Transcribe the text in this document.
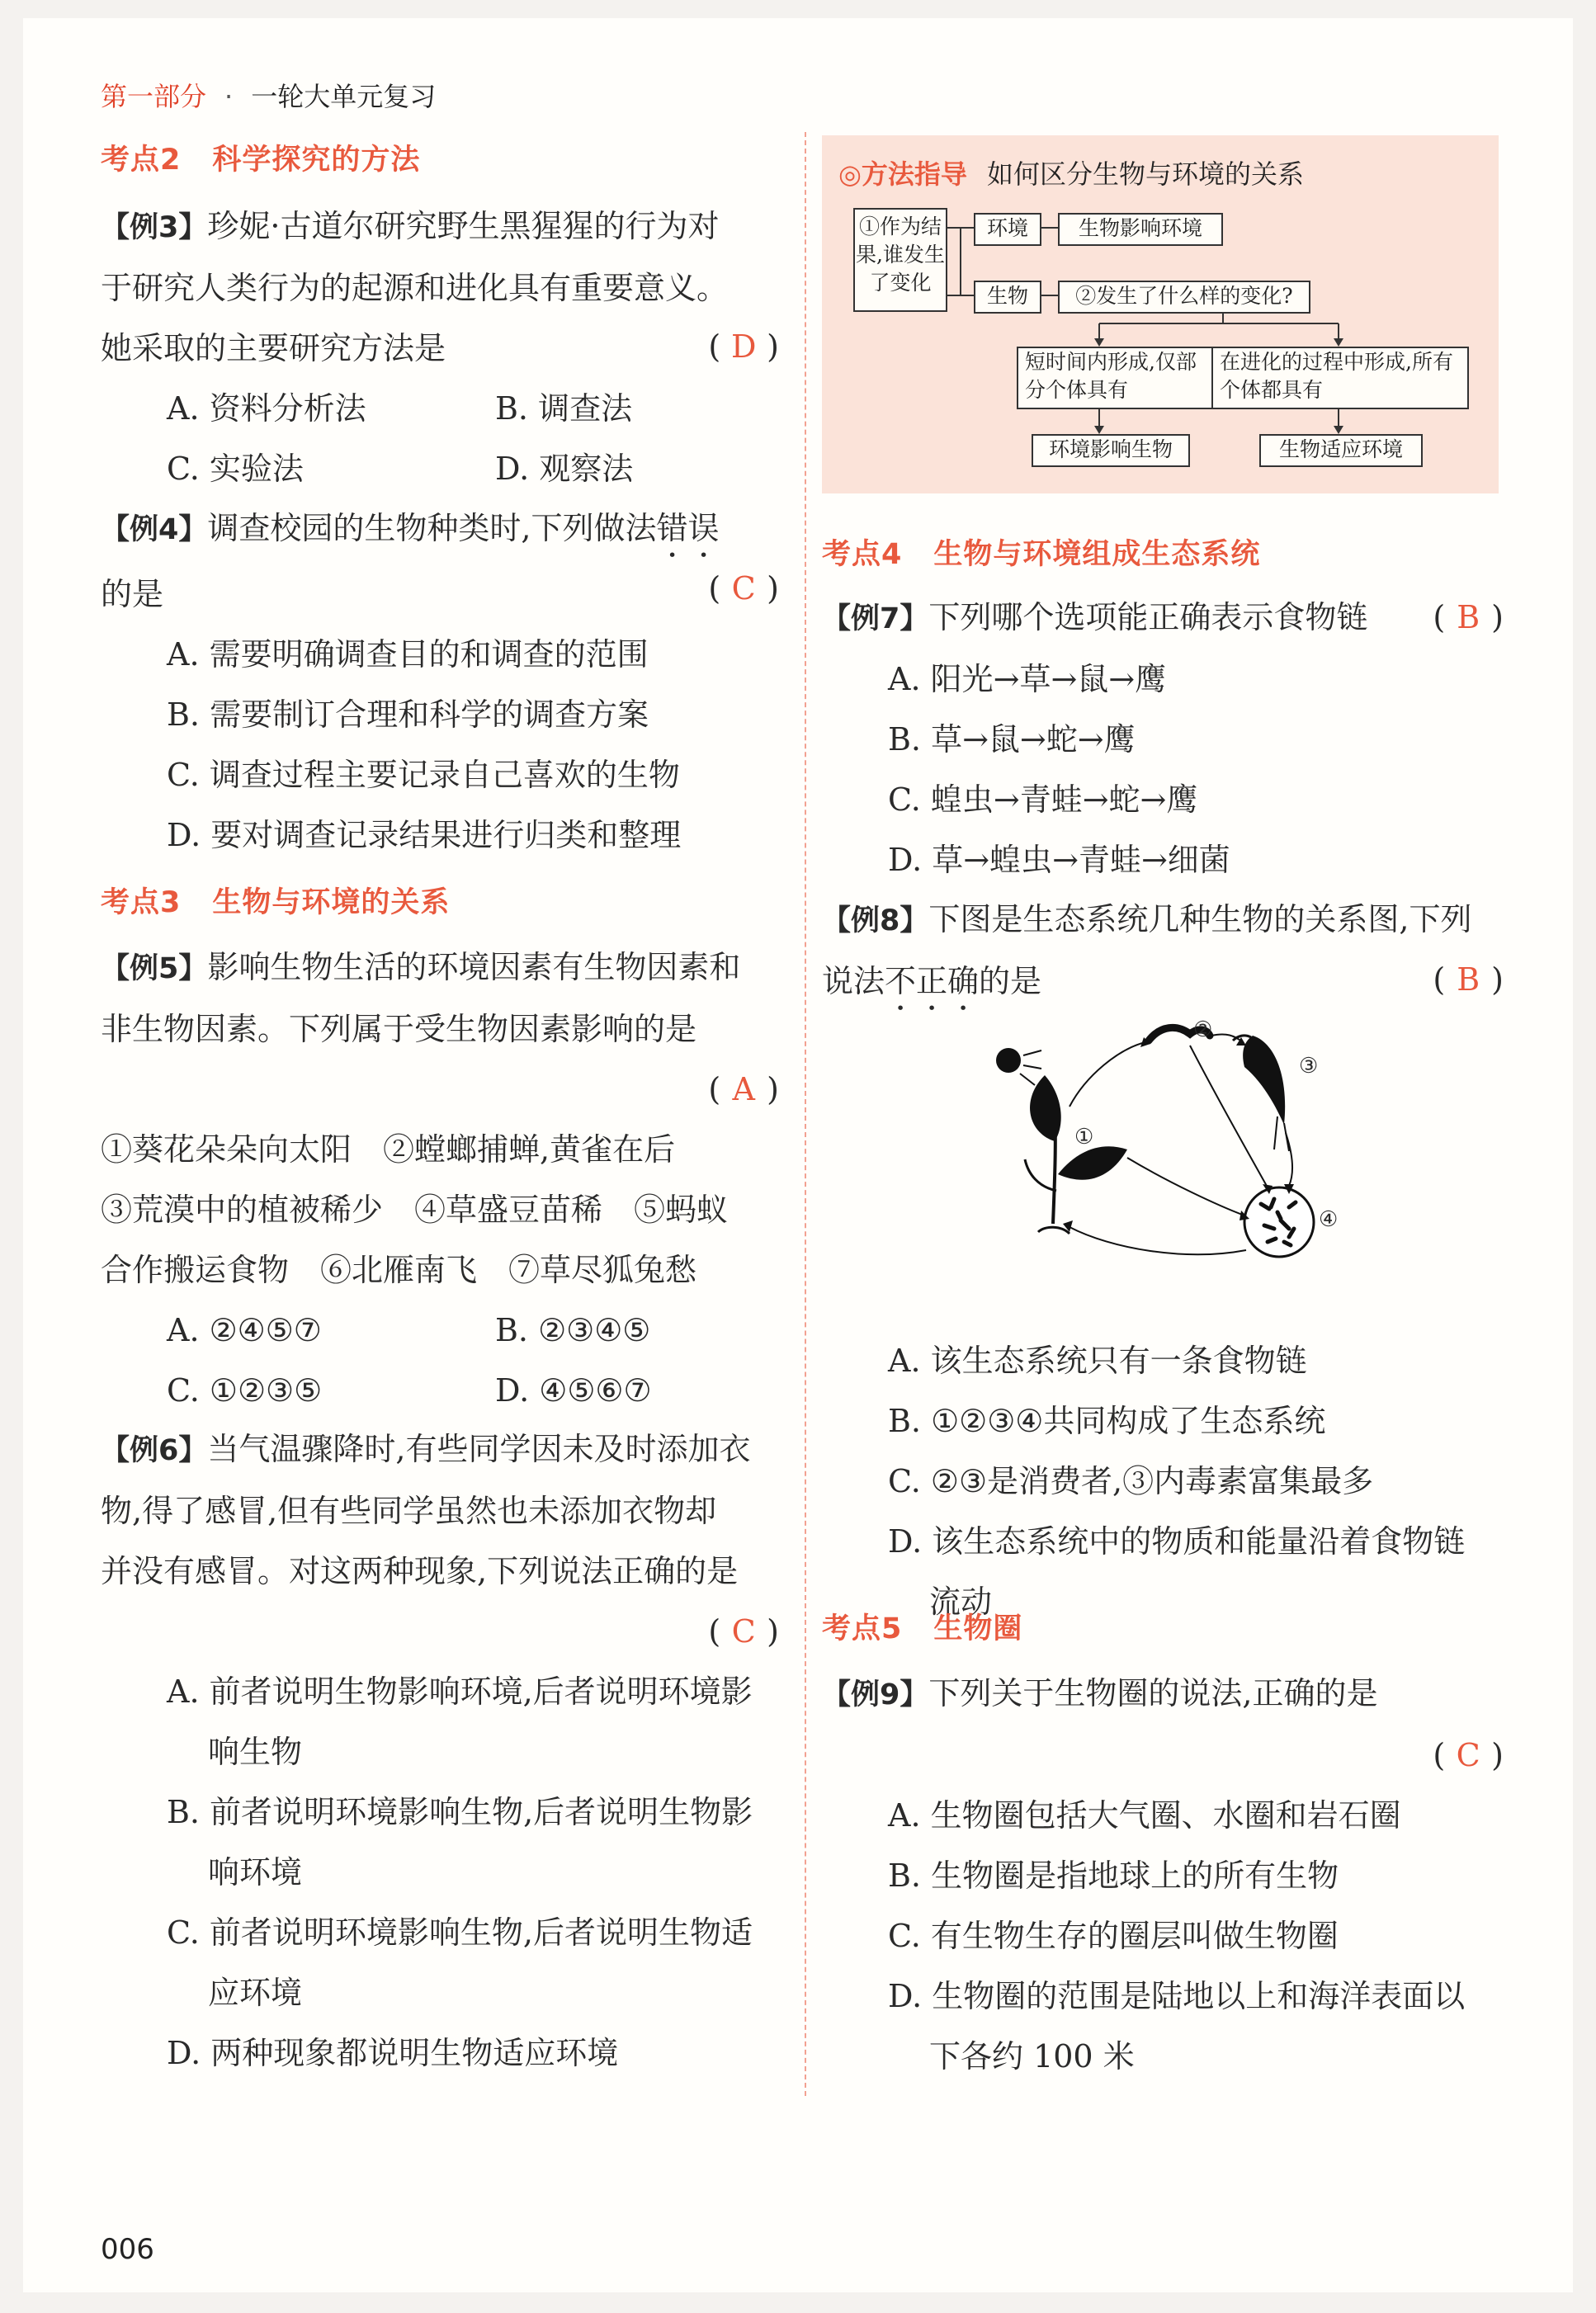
第一部分 · 一轮大单元复习
考点2 科学探究的方法
【例3】珍妮·古道尔研究野生黑猩猩的行为对
于研究人类行为的起源和进化具有重要意义。
她采取的主要研究方法是	( D )
A. 资料分析法	B. 调查法
C. 实验法	D. 观察法
【例4】调查校园的生物种类时,下列做法错误
的是	( C )
A. 需要明确调查目的和调查的范围
B. 需要制订合理和科学的调查方案
C. 调查过程主要记录自己喜欢的生物
D. 要对调查记录结果进行归类和整理
考点3 生物与环境的关系
【例5】影响生物生活的环境因素有生物因素和
非生物因素。下列属于受生物因素影响的是
( A )
①葵花朵朵向太阳　②螳螂捕蝉,黄雀在后
③荒漠中的植被稀少　④草盛豆苗稀　⑤蚂蚁
合作搬运食物　⑥北雁南飞　⑦草尽狐兔愁
A. ②④⑤⑦	B. ②③④⑤
C. ①②③⑤	D. ④⑤⑥⑦
【例6】当气温骤降时,有些同学因未及时添加衣
物,得了感冒,但有些同学虽然也未添加衣物却
并没有感冒。对这两种现象,下列说法正确的是
( C )
A. 前者说明生物影响环境,后者说明环境影
响生物
B. 前者说明环境影响生物,后者说明生物影
响环境
C. 前者说明环境影响生物,后者说明生物适
应环境
D. 两种现象都说明生物适应环境
◎方法指导 如何区分生物与环境的关系
①作为结果,谁发生了变化
环境	生物影响环境
生物	②发生了什么样的变化?
短时间内形成,仅部分个体具有
在进化的过程中形成,所有个体都具有
环境影响生物	生物适应环境
考点4 生物与环境组成生态系统
【例7】下列哪个选项能正确表示食物链	( B )
A. 阳光→草→鼠→鹰
B. 草→鼠→蛇→鹰
C. 蝗虫→青蛙→蛇→鹰
D. 草→蝗虫→青蛙→细菌
【例8】下图是生态系统几种生物的关系图,下列
说法不正确的是	( B )
①
②
③
④
A. 该生态系统只有一条食物链
B. ①②③④共同构成了生态系统
C. ②③是消费者,③内毒素富集最多
D. 该生态系统中的物质和能量沿着食物链
流动
考点5 生物圈
【例9】下列关于生物圈的说法,正确的是
( C )
A. 生物圈包括大气圈、水圈和岩石圈
B. 生物圈是指地球上的所有生物
C. 有生物生存的圈层叫做生物圈
D. 生物圈的范围是陆地以上和海洋表面以
下各约 100 米
006
